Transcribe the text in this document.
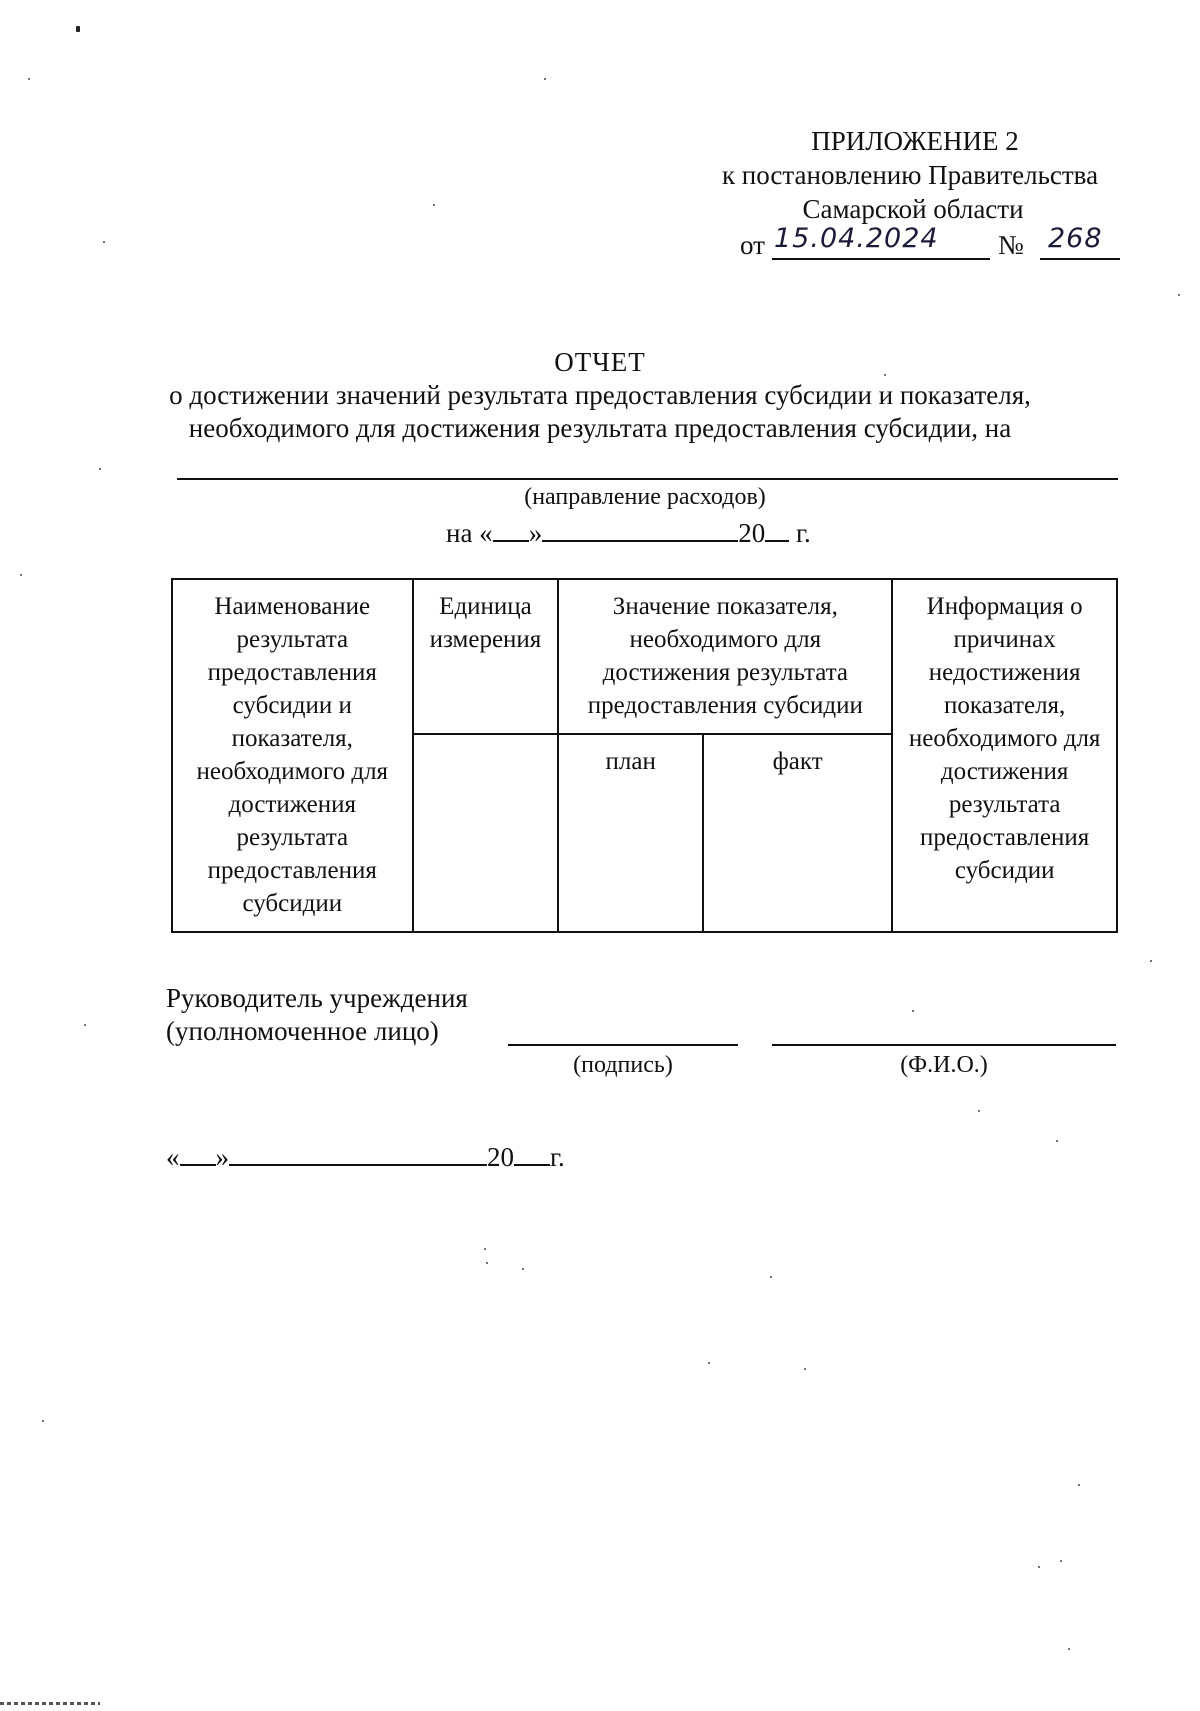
ПРИЛОЖЕНИЕ 2
к постановлению Правительства
Самарской области
от 15.04.2024 № 268
ОТЧЕТ
о достижении значений результата предоставления субсидии и показателя,
необходимого для достижения результата предоставления субсидии, на
(направление расходов)
на « »	20 г.
Наименование результата предоставления субсидии и показателя, необходимого для достижения результата предоставления субсидии	Единица измерения	Значение показателя, необходимого для достижения результата предоставления субсидии		Информация о причинах недостижения показателя, необходимого для достижения результата предоставления субсидии
		план	факт	
Руководитель учреждения
(уполномоченное лицо)
(подпись)	(Ф.И.О.)
« »	20 г.
